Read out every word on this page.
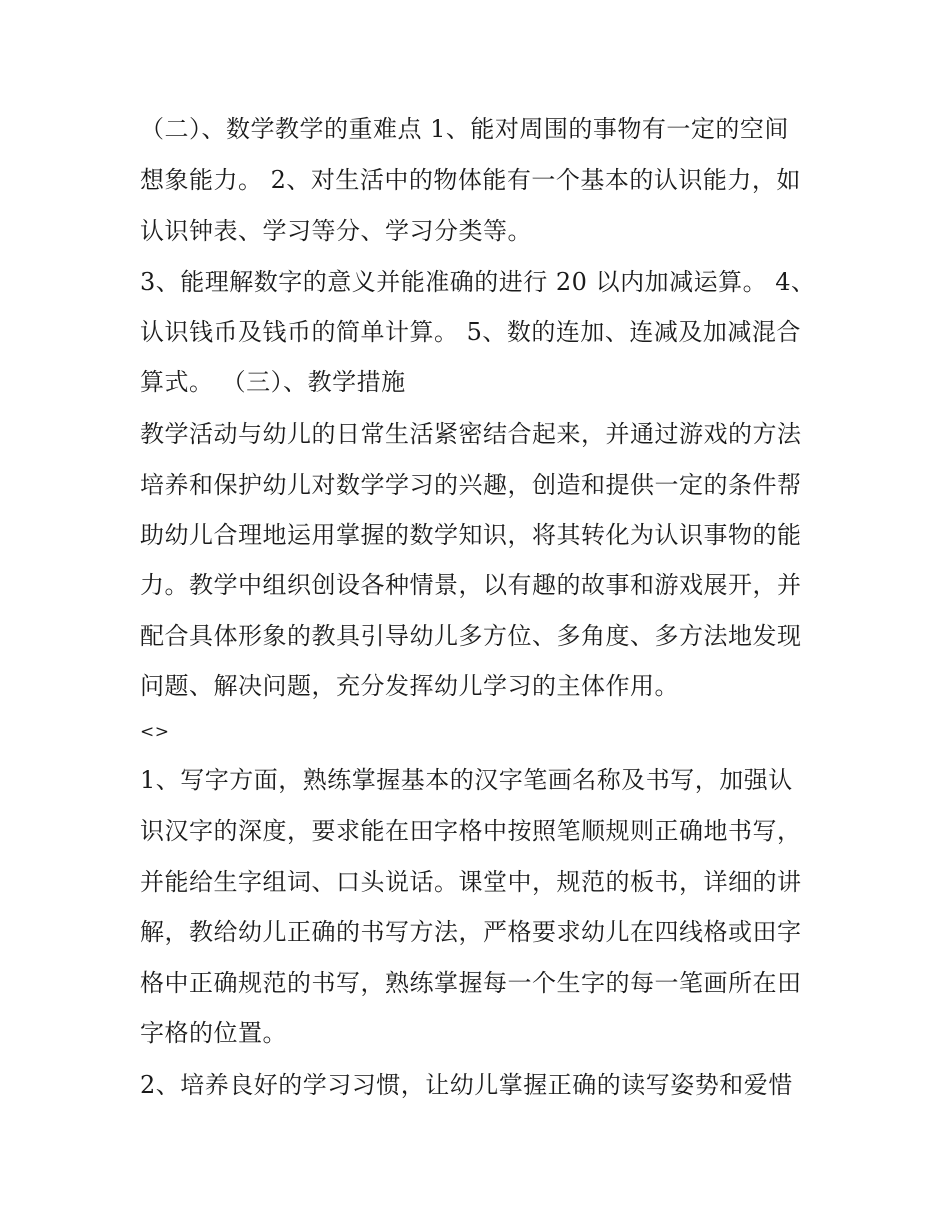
（二）、数学教学的重难点 1、能对周围的事物有一定的空间
想象能力。 2、对生活中的物体能有一个基本的认识能力，如
认识钟表、学习等分、学习分类等。
3、能理解数字的意义并能准确的进行 20 以内加减运算。 4、
认识钱币及钱币的简单计算。 5、数的连加、连减及加减混合
算式。 （三）、教学措施
教学活动与幼儿的日常生活紧密结合起来，并通过游戏的方法
培养和保护幼儿对数学学习的兴趣，创造和提供一定的条件帮
助幼儿合理地运用掌握的数学知识，将其转化为认识事物的能
力。教学中组织创设各种情景，以有趣的故事和游戏展开，并
配合具体形象的教具引导幼儿多方位、多角度、多方法地发现
问题、解决问题，充分发挥幼儿学习的主体作用。
<>
1、写字方面，熟练掌握基本的汉字笔画名称及书写，加强认
识汉字的深度，要求能在田字格中按照笔顺规则正确地书写，
并能给生字组词、口头说话。课堂中，规范的板书，详细的讲
解，教给幼儿正确的书写方法，严格要求幼儿在四线格或田字
格中正确规范的书写，熟练掌握每一个生字的每一笔画所在田
字格的位置。
2、培养良好的学习习惯，让幼儿掌握正确的读写姿势和爱惜
